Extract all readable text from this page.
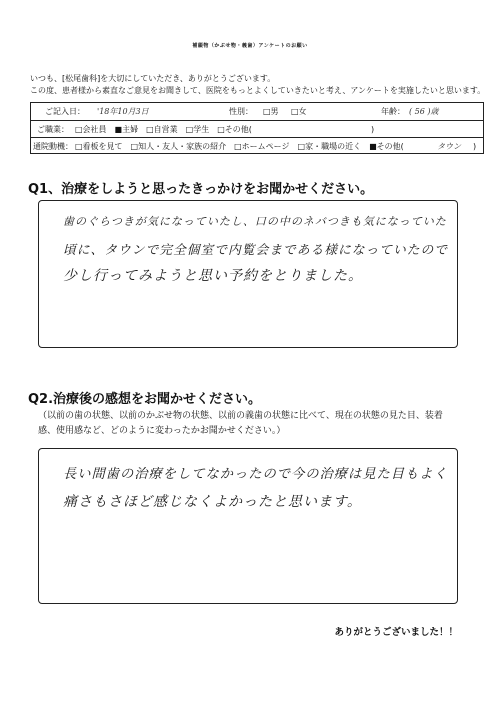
補綴物（かぶせ物・義歯）アンケートのお願い
いつも、[松尾歯科]を大切にしていただき、ありがとうございます。
この度、患者様から素直なご意見をお聞きして、医院をもっとよくしていきたいと考え、アンケートを実施したいと思います。
ご記入日： '18年10月3日	性別： □男 □女	年齢： ( 56 )歳
ご職業： □会社員　■主婦　□自営業　□学生　□その他(	)
通院動機： □看板を見て　□知人・友人・家族の紹介　□ホームページ　□家・職場の近く　■その他(	タウン )
Q1、治療をしようと思ったきっかけをお聞かせください。
歯のぐらつきが気になっていたし、口の中のネバつきも気になっていた
頃に、タウンで完全個室で内覧会まである様になっていたので
少し行ってみようと思い予約をとりました。
Q2.治療後の感想をお聞かせください。
（以前の歯の状態、以前のかぶせ物の状態、以前の義歯の状態に比べて、現在の状態の見た目、装着
感、使用感など、どのように変わったかお聞かせください。）
長い間歯の治療をしてなかったので今の治療は見た目もよく
痛さもさほど感じなくよかったと思います。
ありがとうございました！！
